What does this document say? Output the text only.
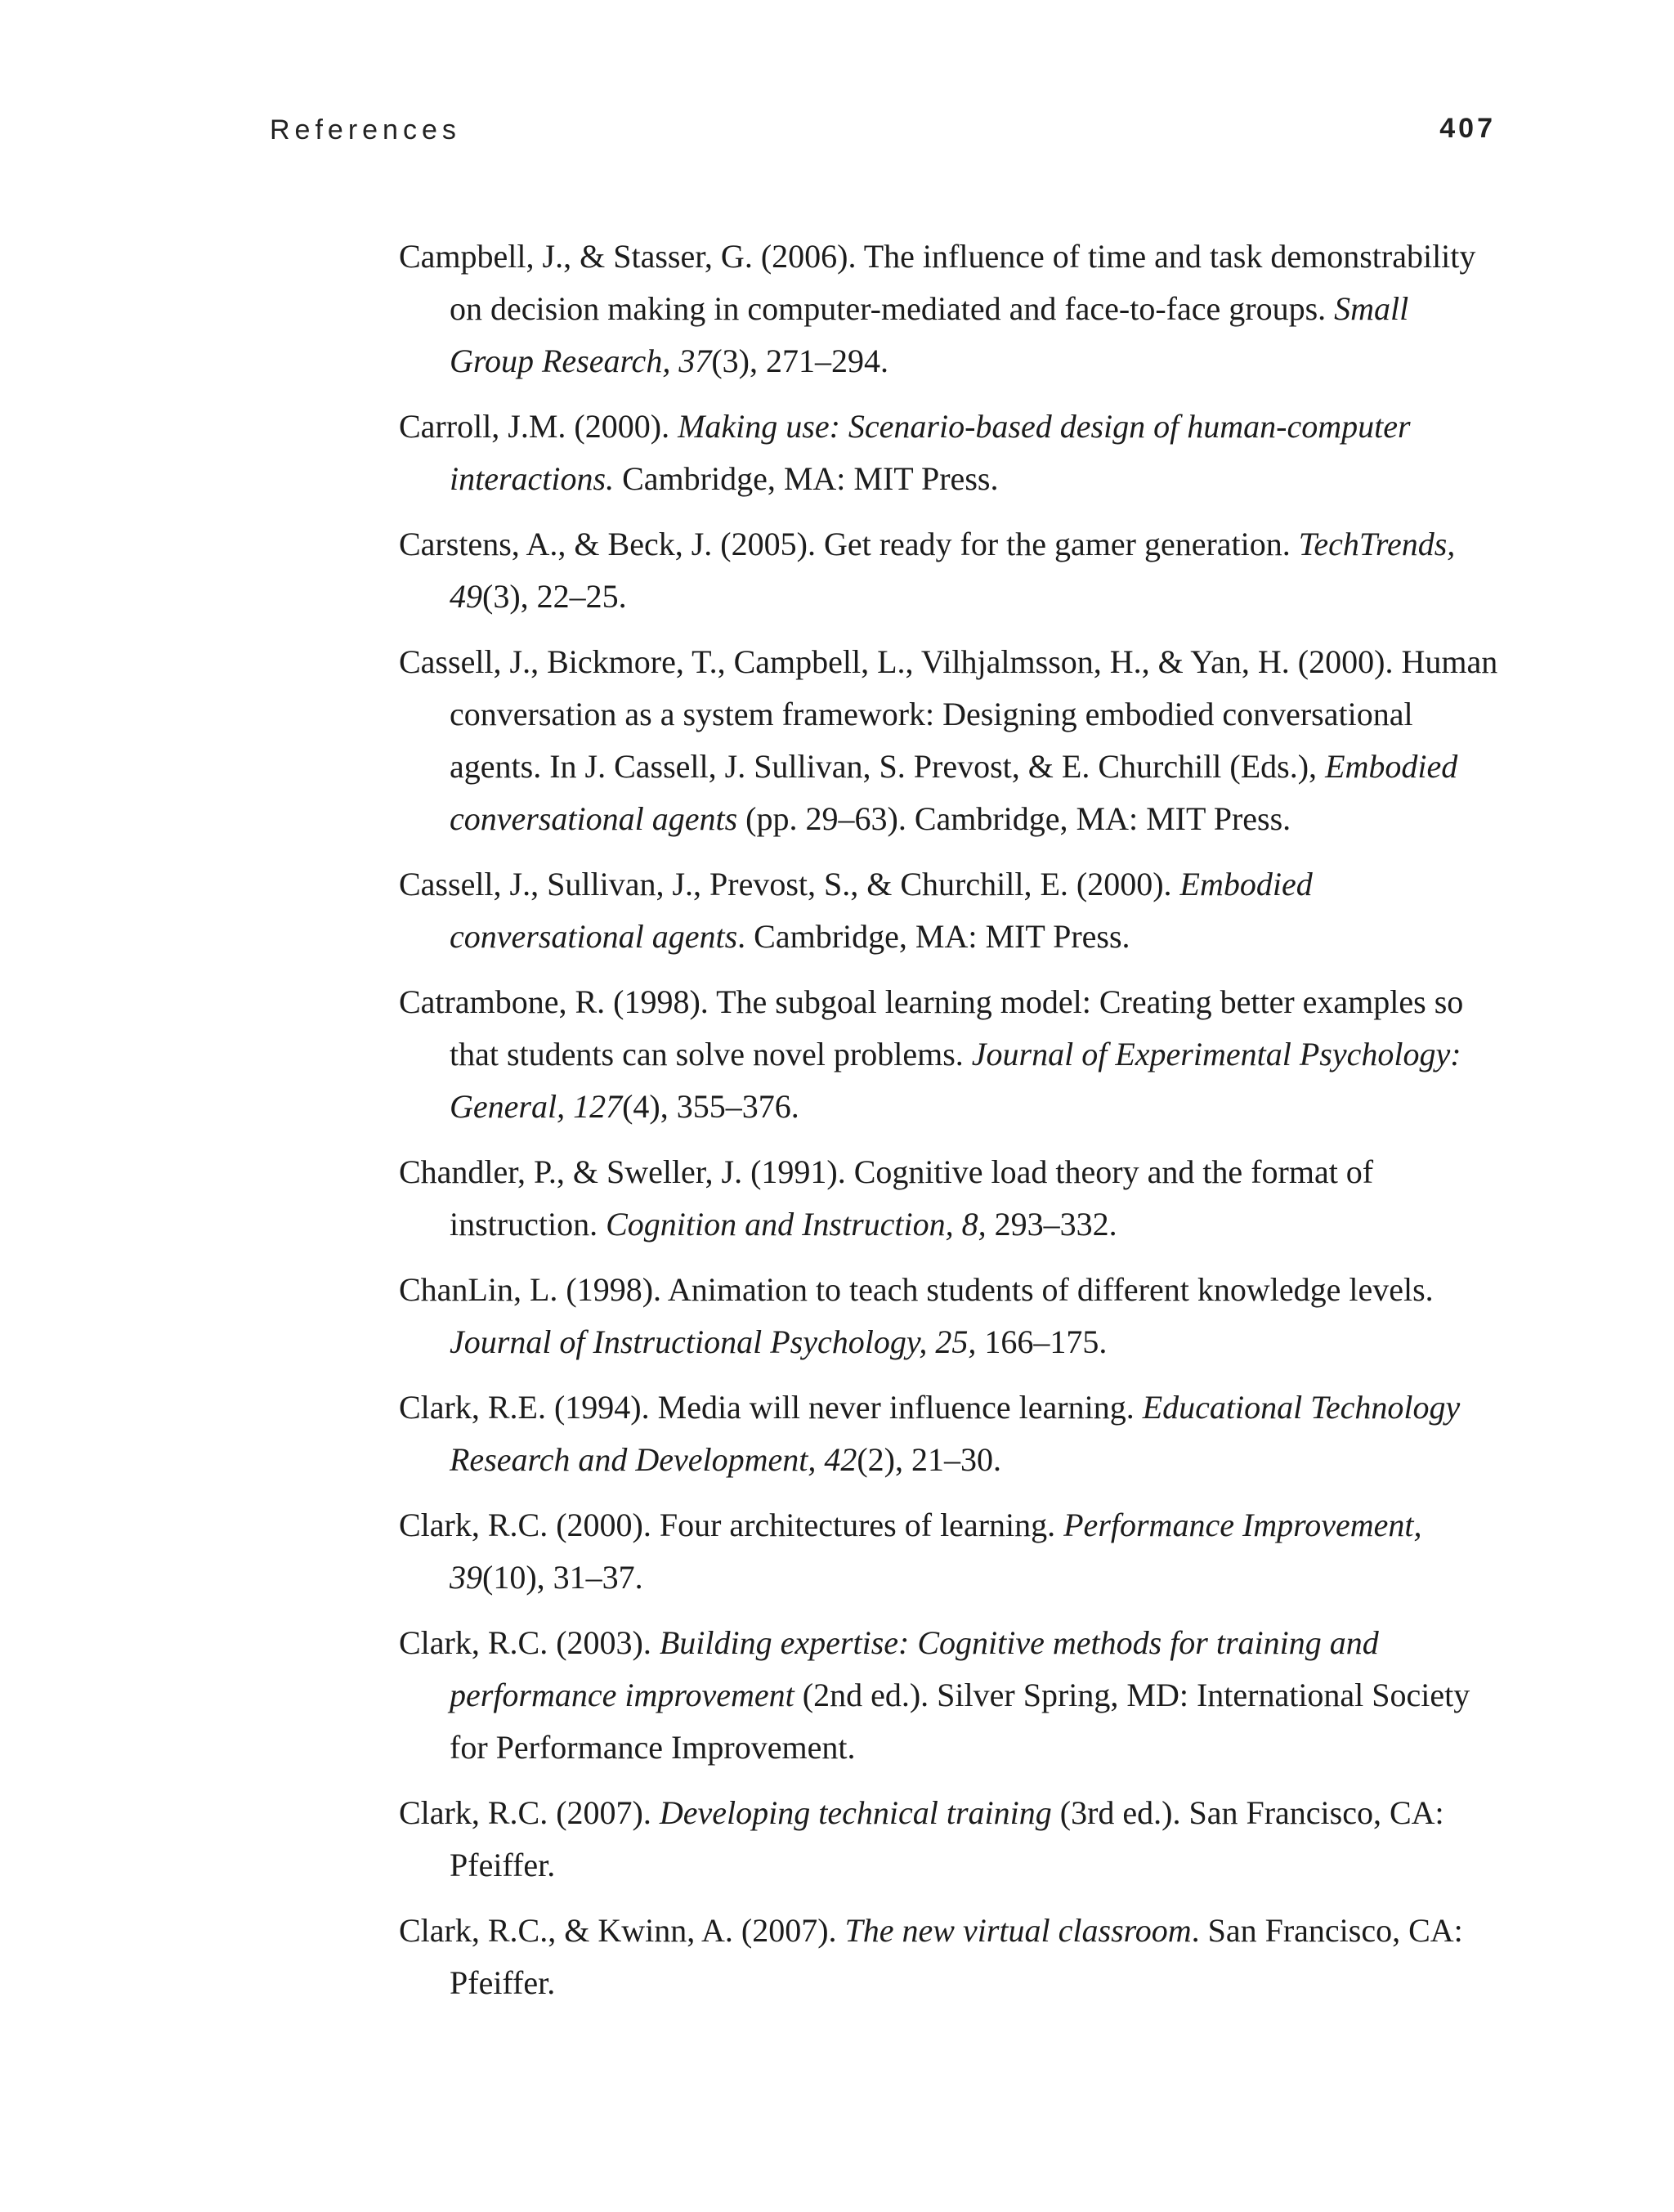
References	407
Campbell, J., & Stasser, G. (2006). The influence of time and task demonstrability on decision making in computer-mediated and face-to-face groups. Small Group Research, 37(3), 271–294.
Carroll, J.M. (2000). Making use: Scenario-based design of human-computer interactions. Cambridge, MA: MIT Press.
Carstens, A., & Beck, J. (2005). Get ready for the gamer generation. TechTrends, 49(3), 22–25.
Cassell, J., Bickmore, T., Campbell, L., Vilhjalmsson, H., & Yan, H. (2000). Human conversation as a system framework: Designing embodied conversational agents. In J. Cassell, J. Sullivan, S. Prevost, & E. Churchill (Eds.), Embodied conversational agents (pp. 29–63). Cambridge, MA: MIT Press.
Cassell, J., Sullivan, J., Prevost, S., & Churchill, E. (2000). Embodied conversational agents. Cambridge, MA: MIT Press.
Catrambone, R. (1998). The subgoal learning model: Creating better examples so that students can solve novel problems. Journal of Experimental Psychology: General, 127(4), 355–376.
Chandler, P., & Sweller, J. (1991). Cognitive load theory and the format of instruction. Cognition and Instruction, 8, 293–332.
ChanLin, L. (1998). Animation to teach students of different knowledge levels. Journal of Instructional Psychology, 25, 166–175.
Clark, R.E. (1994). Media will never influence learning. Educational Technology Research and Development, 42(2), 21–30.
Clark, R.C. (2000). Four architectures of learning. Performance Improvement, 39(10), 31–37.
Clark, R.C. (2003). Building expertise: Cognitive methods for training and performance improvement (2nd ed.). Silver Spring, MD: International Society for Performance Improvement.
Clark, R.C. (2007). Developing technical training (3rd ed.). San Francisco, CA: Pfeiffer.
Clark, R.C., & Kwinn, A. (2007). The new virtual classroom. San Francisco, CA: Pfeiffer.
